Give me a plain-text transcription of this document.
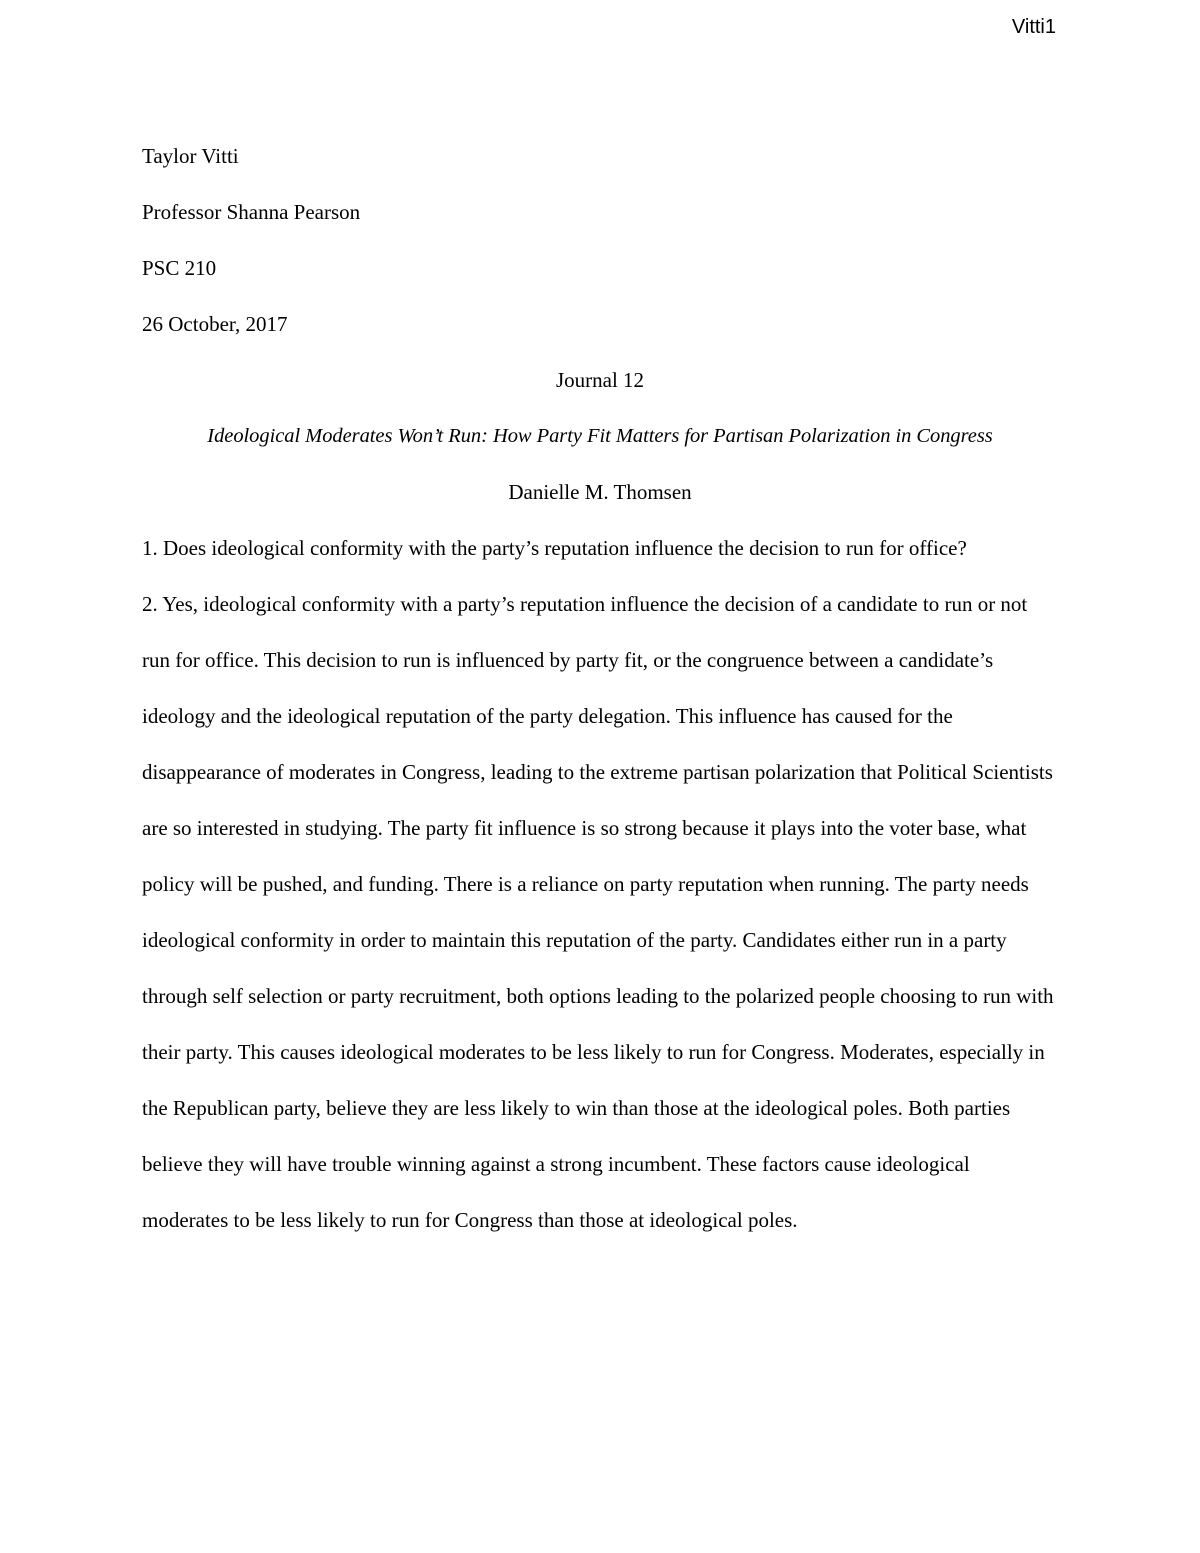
Vitti1

Taylor Vitti

Professor Shanna Pearson

PSC 210

26 October, 2017

Journal 12

Ideological Moderates Won’t Run: How Party Fit Matters for Partisan Polarization in Congress

Danielle M. Thomsen

1. Does ideological conformity with the party’s reputation influence the decision to run for office?

2. Yes, ideological conformity with a party’s reputation influence the decision of a candidate to run or not run for office. This decision to run is influenced by party fit, or the congruence between a candidate’s ideology and the ideological reputation of the party delegation. This influence has caused for the disappearance of moderates in Congress, leading to the extreme partisan polarization that Political Scientists are so interested in studying. The party fit influence is so strong because it plays into the voter base, what policy will be pushed, and funding. There is a reliance on party reputation when running. The party needs ideological conformity in order to maintain this reputation of the party. Candidates either run in a party through self selection or party recruitment, both options leading to the polarized people choosing to run with their party. This causes ideological moderates to be less likely to run for Congress. Moderates, especially in the Republican party, believe they are less likely to win than those at the ideological poles. Both parties believe they will have trouble winning against a strong incumbent. These factors cause ideological moderates to be less likely to run for Congress than those at ideological poles.
